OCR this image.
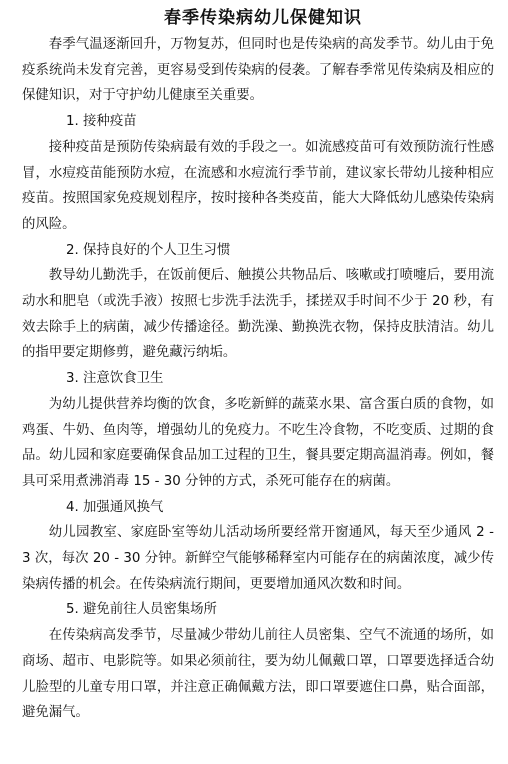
春季传染病幼儿保健知识

春季气温逐渐回升，万物复苏，但同时也是传染病的高发季节。幼儿由于免疫系统尚未发育完善，更容易受到传染病的侵袭。了解春季常见传染病及相应的保健知识，对于守护幼儿健康至关重要。

1. 接种疫苗

接种疫苗是预防传染病最有效的手段之一。如流感疫苗可有效预防流行性感冒，水痘疫苗能预防水痘，在流感和水痘流行季节前，建议家长带幼儿接种相应疫苗。按照国家免疫规划程序，按时接种各类疫苗，能大大降低幼儿感染传染病的风险。

2. 保持良好的个人卫生习惯

教导幼儿勤洗手，在饭前便后、触摸公共物品后、咳嗽或打喷嚏后，要用流动水和肥皂（或洗手液）按照七步洗手法洗手，揉搓双手时间不少于 20 秒，有效去除手上的病菌，减少传播途径。勤洗澡、勤换洗衣物，保持皮肤清洁。幼儿的指甲要定期修剪，避免藏污纳垢。

3. 注意饮食卫生

为幼儿提供营养均衡的饮食，多吃新鲜的蔬菜水果、富含蛋白质的食物，如鸡蛋、牛奶、鱼肉等，增强幼儿的免疫力。不吃生冷食物，不吃变质、过期的食品。幼儿园和家庭要确保食品加工过程的卫生，餐具要定期高温消毒。例如，餐具可采用煮沸消毒 15 - 30 分钟的方式，杀死可能存在的病菌。

4. 加强通风换气

幼儿园教室、家庭卧室等幼儿活动场所要经常开窗通风，每天至少通风 2 - 3 次，每次 20 - 30 分钟。新鲜空气能够稀释室内可能存在的病菌浓度，减少传染病传播的机会。在传染病流行期间，更要增加通风次数和时间。

5. 避免前往人员密集场所

在传染病高发季节，尽量减少带幼儿前往人员密集、空气不流通的场所，如商场、超市、电影院等。如果必须前往，要为幼儿佩戴口罩，口罩要选择适合幼儿脸型的儿童专用口罩，并注意正确佩戴方法，即口罩要遮住口鼻，贴合面部，避免漏气。
